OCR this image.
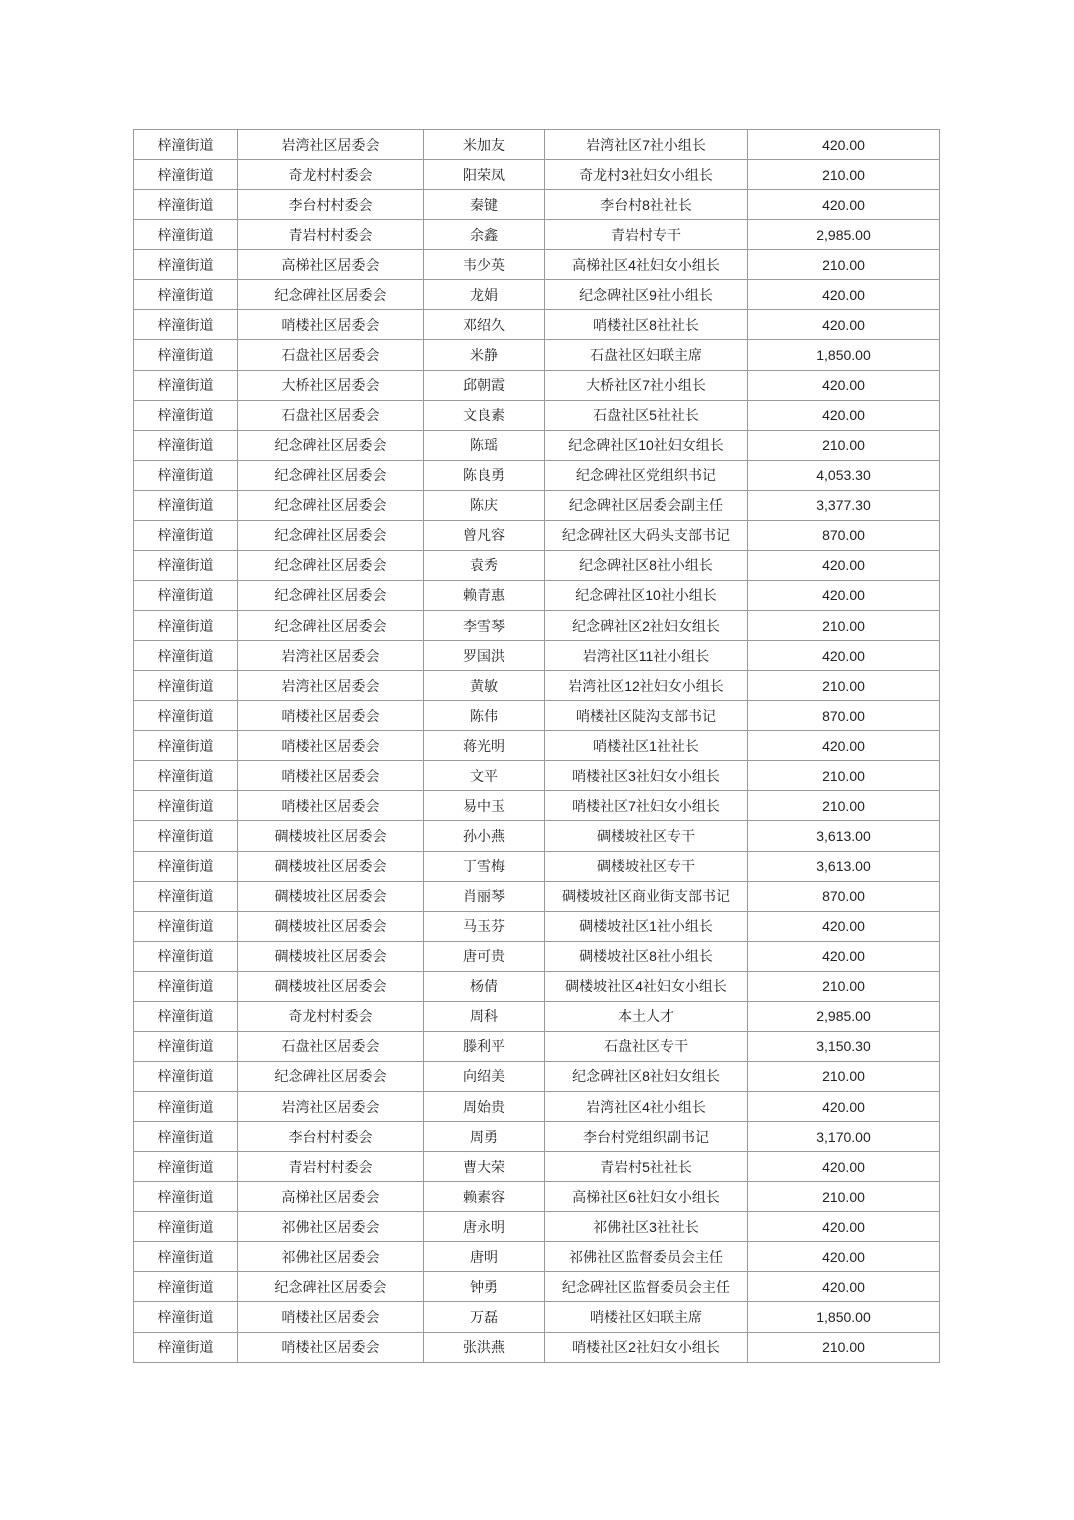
梓潼街道	岩湾社区居委会	米加友	岩湾社区7社小组长	420.00
梓潼街道	奇龙村村委会	阳荣凤	奇龙村3社妇女小组长	210.00
梓潼街道	李台村村委会	秦键	李台村8社社长	420.00
梓潼街道	青岩村村委会	余鑫	青岩村专干	2,985.00
梓潼街道	高梯社区居委会	韦少英	高梯社区4社妇女小组长	210.00
梓潼街道	纪念碑社区居委会	龙娟	纪念碑社区9社小组长	420.00
梓潼街道	哨楼社区居委会	邓绍久	哨楼社区8社社长	420.00
梓潼街道	石盘社区居委会	米静	石盘社区妇联主席	1,850.00
梓潼街道	大桥社区居委会	邱朝霞	大桥社区7社小组长	420.00
梓潼街道	石盘社区居委会	文良素	石盘社区5社社长	420.00
梓潼街道	纪念碑社区居委会	陈瑶	纪念碑社区10社妇女组长	210.00
梓潼街道	纪念碑社区居委会	陈良勇	纪念碑社区党组织书记	4,053.30
梓潼街道	纪念碑社区居委会	陈庆	纪念碑社区居委会副主任	3,377.30
梓潼街道	纪念碑社区居委会	曾凡容	纪念碑社区大码头支部书记	870.00
梓潼街道	纪念碑社区居委会	袁秀	纪念碑社区8社小组长	420.00
梓潼街道	纪念碑社区居委会	赖青惠	纪念碑社区10社小组长	420.00
梓潼街道	纪念碑社区居委会	李雪琴	纪念碑社区2社妇女组长	210.00
梓潼街道	岩湾社区居委会	罗国洪	岩湾社区11社小组长	420.00
梓潼街道	岩湾社区居委会	黄敏	岩湾社区12社妇女小组长	210.00
梓潼街道	哨楼社区居委会	陈伟	哨楼社区陡沟支部书记	870.00
梓潼街道	哨楼社区居委会	蒋光明	哨楼社区1社社长	420.00
梓潼街道	哨楼社区居委会	文平	哨楼社区3社妇女小组长	210.00
梓潼街道	哨楼社区居委会	易中玉	哨楼社区7社妇女小组长	210.00
梓潼街道	碉楼坡社区居委会	孙小燕	碉楼坡社区专干	3,613.00
梓潼街道	碉楼坡社区居委会	丁雪梅	碉楼坡社区专干	3,613.00
梓潼街道	碉楼坡社区居委会	肖丽琴	碉楼坡社区商业街支部书记	870.00
梓潼街道	碉楼坡社区居委会	马玉芬	碉楼坡社区1社小组长	420.00
梓潼街道	碉楼坡社区居委会	唐可贵	碉楼坡社区8社小组长	420.00
梓潼街道	碉楼坡社区居委会	杨倩	碉楼坡社区4社妇女小组长	210.00
梓潼街道	奇龙村村委会	周科	本土人才	2,985.00
梓潼街道	石盘社区居委会	滕利平	石盘社区专干	3,150.30
梓潼街道	纪念碑社区居委会	向绍美	纪念碑社区8社妇女组长	210.00
梓潼街道	岩湾社区居委会	周始贵	岩湾社区4社小组长	420.00
梓潼街道	李台村村委会	周勇	李台村党组织副书记	3,170.00
梓潼街道	青岩村村委会	曹大荣	青岩村5社社长	420.00
梓潼街道	高梯社区居委会	赖素容	高梯社区6社妇女小组长	210.00
梓潼街道	祁佛社区居委会	唐永明	祁佛社区3社社长	420.00
梓潼街道	祁佛社区居委会	唐明	祁佛社区监督委员会主任	420.00
梓潼街道	纪念碑社区居委会	钟勇	纪念碑社区监督委员会主任	420.00
梓潼街道	哨楼社区居委会	万磊	哨楼社区妇联主席	1,850.00
梓潼街道	哨楼社区居委会	张洪燕	哨楼社区2社妇女小组长	210.00
